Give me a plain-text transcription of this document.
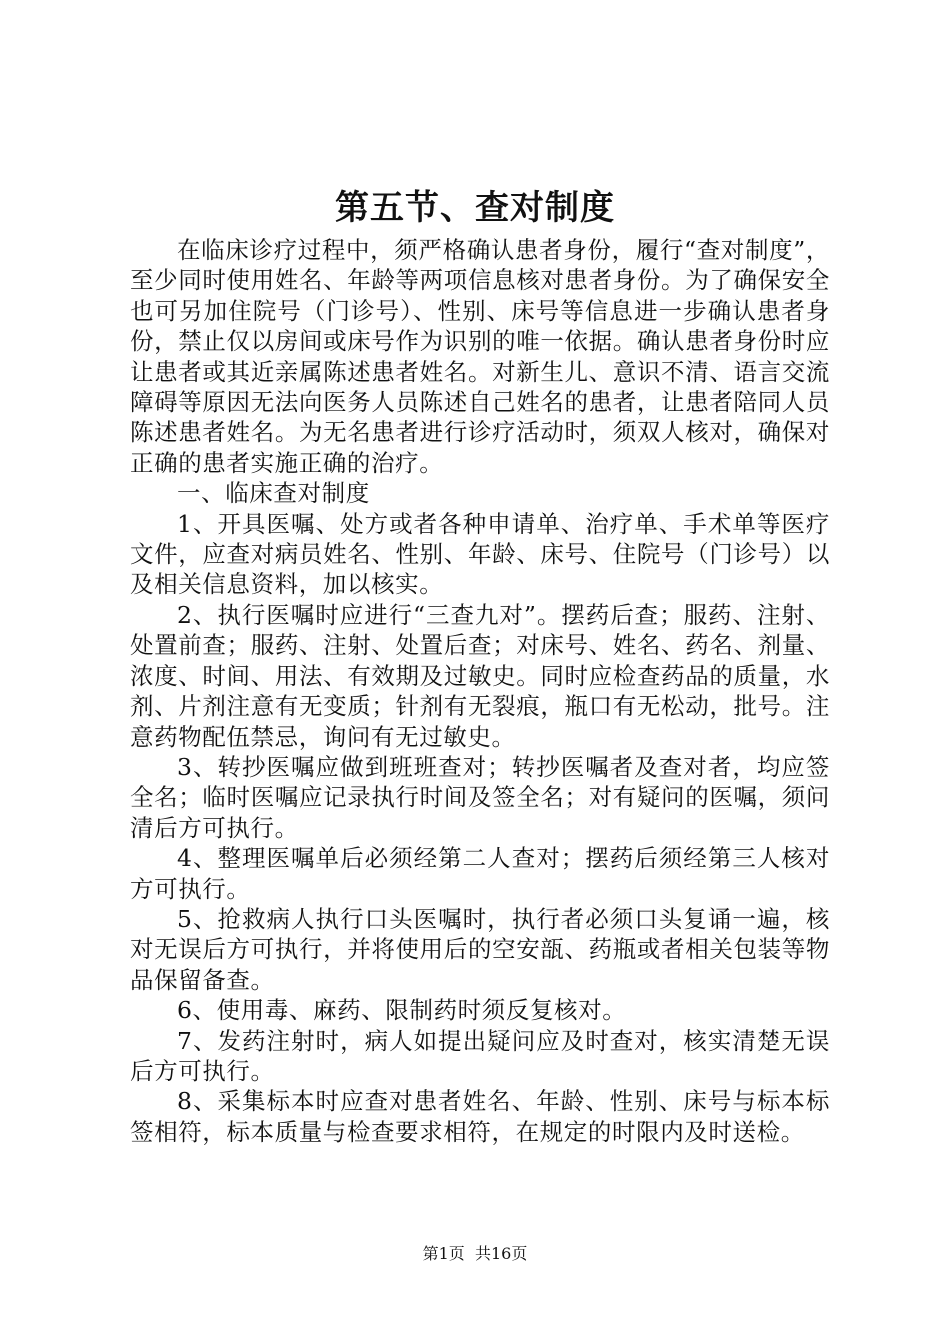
第五节、查对制度

在临床诊疗过程中，须严格确认患者身份，履行“查对制度”，至少同时使用姓名、年龄等两项信息核对患者身份。为了确保安全也可另加住院号（门诊号）、性别、床号等信息进一步确认患者身份，禁止仅以房间或床号作为识别的唯一依据。确认患者身份时应让患者或其近亲属陈述患者姓名。对新生儿、意识不清、语言交流障碍等原因无法向医务人员陈述自己姓名的患者，让患者陪同人员陈述患者姓名。为无名患者进行诊疗活动时，须双人核对，确保对正确的患者实施正确的治疗。

一、临床查对制度

1、开具医嘱、处方或者各种申请单、治疗单、手术单等医疗文件，应查对病员姓名、性别、年龄、床号、住院号（门诊号）以及相关信息资料，加以核实。

2、执行医嘱时应进行“三查九对”。摆药后查；服药、注射、处置前查；服药、注射、处置后查；对床号、姓名、药名、剂量、浓度、时间、用法、有效期及过敏史。同时应检查药品的质量，水剂、片剂注意有无变质；针剂有无裂痕，瓶口有无松动，批号。注意药物配伍禁忌，询问有无过敏史。

3、转抄医嘱应做到班班查对；转抄医嘱者及查对者，均应签全名；临时医嘱应记录执行时间及签全名；对有疑问的医嘱，须问清后方可执行。

4、整理医嘱单后必须经第二人查对；摆药后须经第三人核对方可执行。

5、抢救病人执行口头医嘱时，执行者必须口头复诵一遍，核对无误后方可执行，并将使用后的空安瓿、药瓶或者相关包装等物品保留备查。

6、使用毒、麻药、限制药时须反复核对。

7、发药注射时，病人如提出疑问应及时查对，核实清楚无误后方可执行。

8、采集标本时应查对患者姓名、年龄、性别、床号与标本标签相符，标本质量与检查要求相符，在规定的时限内及时送检。

第1页 共16页
